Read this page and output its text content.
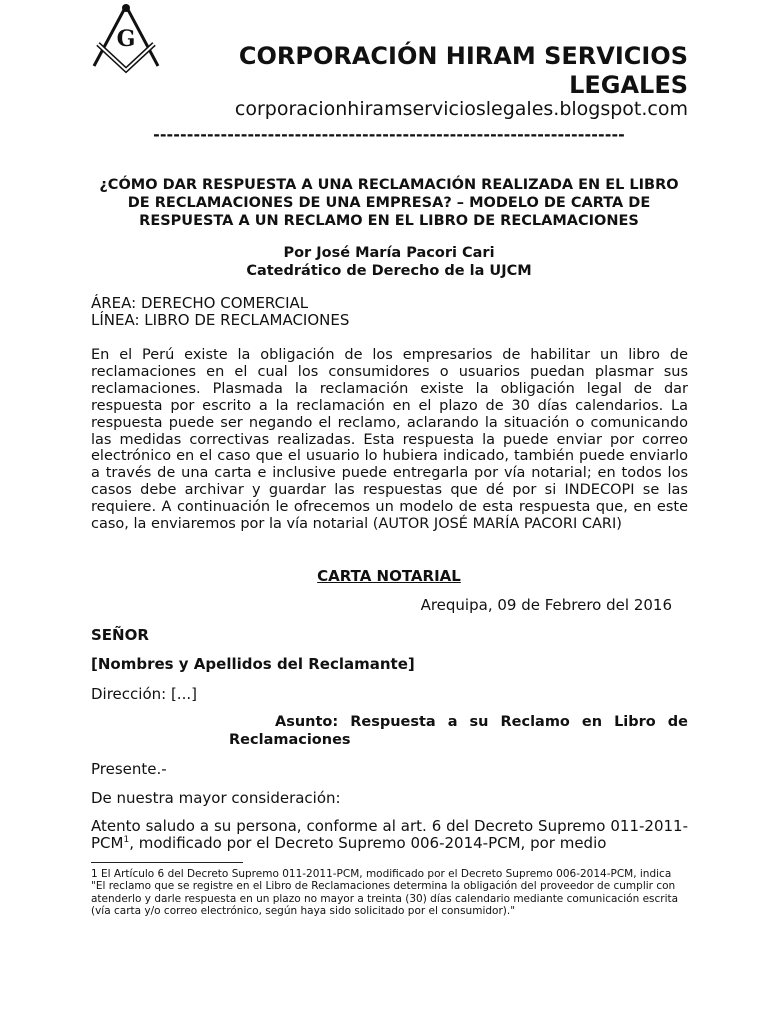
G
CORPORACIÓN HIRAM SERVICIOS LEGALES
corporacionhiramservicioslegales.blogspot.com
----------------------------------------------------------------------
¿CÓMO DAR RESPUESTA A UNA RECLAMACIÓN REALIZADA EN EL LIBRO DE RECLAMACIONES DE UNA EMPRESA? – MODELO DE CARTA DE RESPUESTA A UN RECLAMO EN EL LIBRO DE RECLAMACIONES
Por José María Pacori Cari
Catedrático de Derecho de la UJCM
ÁREA: DERECHO COMERCIAL
LÍNEA: LIBRO DE RECLAMACIONES
En el Perú existe la obligación de los empresarios de habilitar un libro de reclamaciones en el cual los consumidores o usuarios puedan plasmar sus reclamaciones. Plasmada la reclamación existe la obligación legal de dar respuesta por escrito a la reclamación en el plazo de 30 días calendarios. La respuesta puede ser negando el reclamo, aclarando la situación o comunicando las medidas correctivas realizadas. Esta respuesta la puede enviar por correo electrónico en el caso que el usuario lo hubiera indicado, también puede enviarlo a través de una carta e inclusive puede entregarla por vía notarial; en todos los casos debe archivar y guardar las respuestas que dé por si INDECOPI se las requiere. A continuación le ofrecemos un modelo de esta respuesta que, en este caso, la enviaremos por la vía notarial (AUTOR JOSÉ MARÍA PACORI CARI)
CARTA NOTARIAL
Arequipa, 09 de Febrero del 2016
SEÑOR
[Nombres y Apellidos del Reclamante]
Dirección: [...]
Asunto: Respuesta a su Reclamo en Libro de Reclamaciones
Presente.-
De nuestra mayor consideración:
Atento saludo a su persona, conforme al art. 6 del Decreto Supremo 011-2011-PCM$^1$, modificado por el Decreto Supremo 006-2014-PCM, por medio
1 El Artículo 6 del Decreto Supremo 011-2011-PCM, modificado por el Decreto Supremo 006-2014-PCM, indica "El reclamo que se registre en el Libro de Reclamaciones determina la obligación del proveedor de cumplir con atenderlo y darle respuesta en un plazo no mayor a treinta (30) días calendario mediante comunicación escrita (vía carta y/o correo electrónico, según haya sido solicitado por el consumidor)."
